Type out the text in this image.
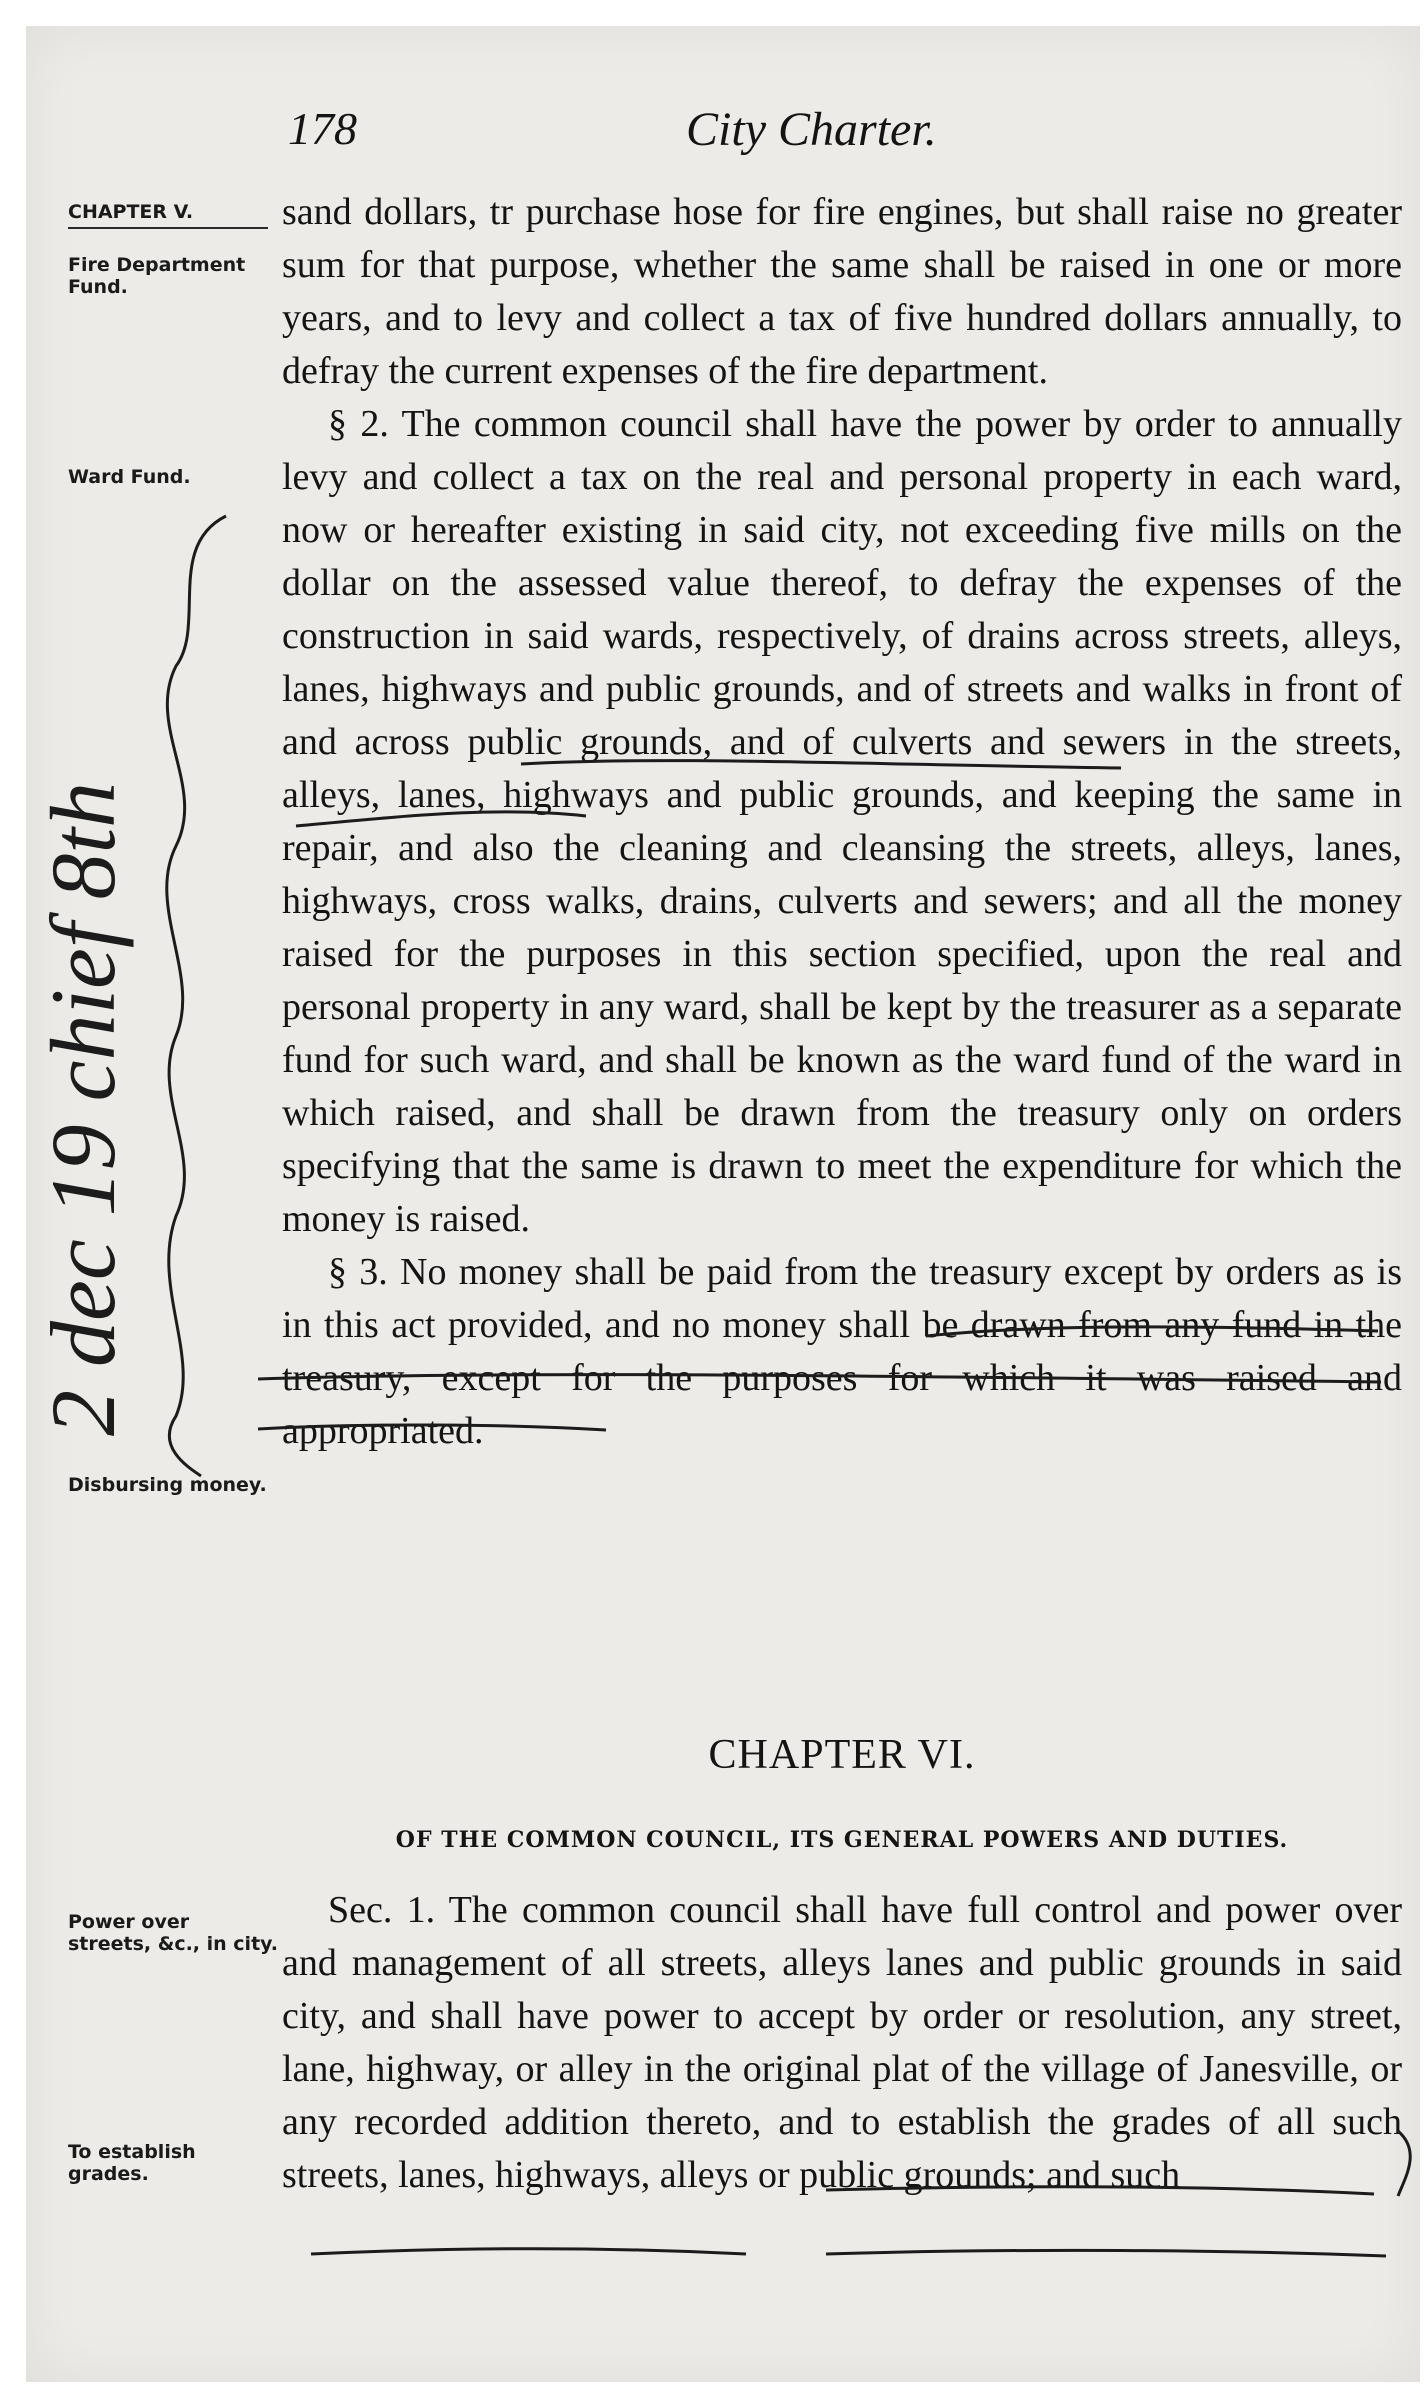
178	City Charter.
CHAPTER V.
Fire Department Fund.
Ward Fund.
Disbursing money.
Power over streets, &c., in city.
To establish grades.

sand dollars, tr purchase hose for fire engines, but shall raise no greater sum for that purpose, whether the same shall be raised in one or more years, and to levy and collect a tax of five hundred dollars annually, to defray the current expenses of the fire department.

§ 2. The common council shall have the power by order to annually levy and collect a tax on the real and personal property in each ward, now or hereafter existing in said city, not exceeding five mills on the dollar on the assessed value thereof, to defray the expenses of the construction in said wards, respectively, of drains across streets, alleys, lanes, highways and public grounds, and of streets and walks in front of and across public grounds, and of culverts and sewers in the streets, alleys, lanes, highways and public grounds, and keeping the same in repair, and also the cleaning and cleansing the streets, alleys, lanes, highways, cross walks, drains, culverts and sewers; and all the money raised for the purposes in this section specified, upon the real and personal property in any ward, shall be kept by the treasurer as a separate fund for such ward, and shall be known as the ward fund of the ward in which raised, and shall be drawn from the treasury only on orders specifying that the same is drawn to meet the expenditure for which the money is raised.

§ 3. No money shall be paid from the treasury except by orders as is in this act provided, and no money shall be drawn from any fund in the treasury, except for the purposes for which it was raised and appropriated.

CHAPTER VI.
OF THE COMMON COUNCIL, ITS GENERAL POWERS AND DUTIES.

Sec. 1. The common council shall have full control and power over and management of all streets, alleys lanes and public grounds in said city, and shall have power to accept by order or resolution, any street, lane, highway, or alley in the original plat of the village of Janesville, or any recorded addition thereto, and to establish the grades of all such streets, lanes, highways, alleys or public grounds; and such

2 dec 19 chief 8th
